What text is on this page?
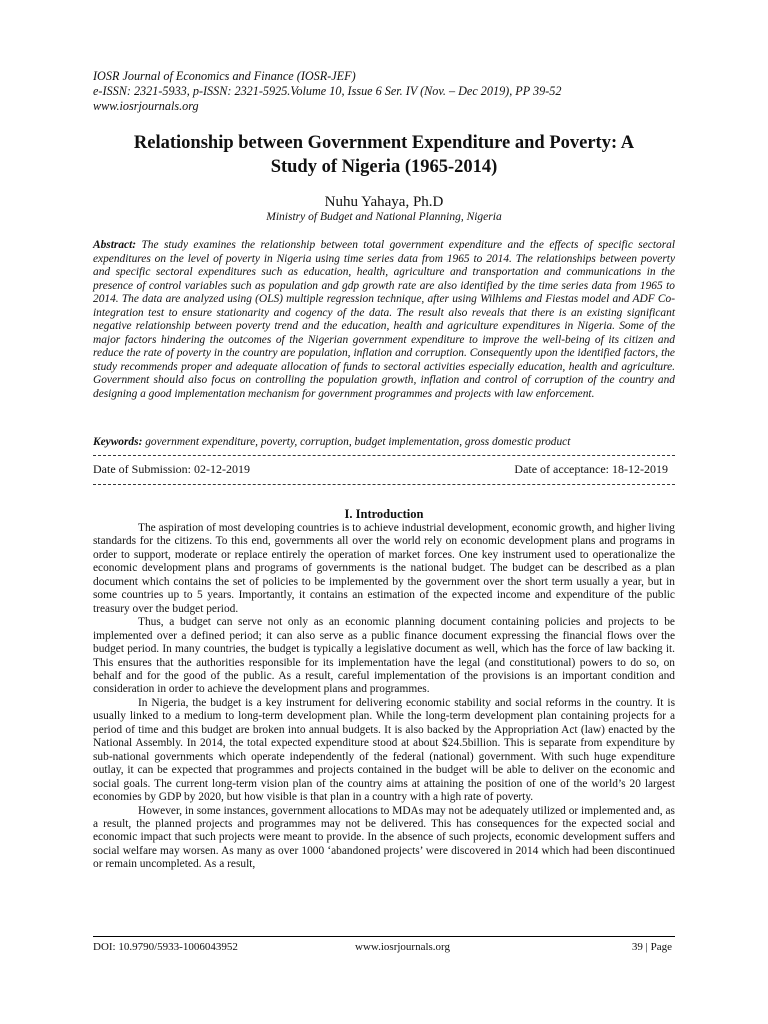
IOSR Journal of Economics and Finance (IOSR-JEF)
e-ISSN: 2321-5933, p-ISSN: 2321-5925.Volume 10, Issue 6 Ser. IV (Nov. – Dec 2019), PP 39-52
www.iosrjournals.org
Relationship between Government Expenditure and Poverty: A
Study of Nigeria (1965-2014)
Nuhu Yahaya, Ph.D
Ministry of Budget and National Planning, Nigeria
Abstract: The study examines the relationship between total government expenditure and the effects of specific sectoral expenditures on the level of poverty in Nigeria using time series data from 1965 to 2014. The relationships between poverty and specific sectoral expenditures such as education, health, agriculture and transportation and communications in the presence of control variables such as population and gdp growth rate are also identified by the time series data from 1965 to 2014. The data are analyzed using (OLS) multiple regression technique, after using Wilhlems and Fiestas model and ADF Co-integration test to ensure stationarity and cogency of the data. The result also reveals that there is an existing significant negative relationship between poverty trend and the education, health and agriculture expenditures in Nigeria. Some of the major factors hindering the outcomes of the Nigerian government expenditure to improve the well-being of its citizen and reduce the rate of poverty in the country are population, inflation and corruption. Consequently upon the identified factors, the study recommends proper and adequate allocation of funds to sectoral activities especially education, health and agriculture. Government should also focus on controlling the population growth, inflation and control of corruption of the country and designing a good implementation mechanism for government programmes and projects with law enforcement.
Keywords: government expenditure, poverty, corruption, budget implementation, gross domestic product
Date of Submission: 02-12-2019	Date of acceptance: 18-12-2019
I. Introduction

The aspiration of most developing countries is to achieve industrial development, economic growth, and higher living standards for the citizens. To this end, governments all over the world rely on economic development plans and programs in order to support, moderate or replace entirely the operation of market forces. One key instrument used to operationalize the economic development plans and programs of governments is the national budget. The budget can be described as a plan document which contains the set of policies to be implemented by the government over the short term usually a year, but in some countries up to 5 years. Importantly, it contains an estimation of the expected income and expenditure of the public treasury over the budget period.

Thus, a budget can serve not only as an economic planning document containing policies and projects to be implemented over a defined period; it can also serve as a public finance document expressing the financial flows over the budget period. In many countries, the budget is typically a legislative document as well, which has the force of law backing it. This ensures that the authorities responsible for its implementation have the legal (and constitutional) powers to do so, on behalf and for the good of the public. As a result, careful implementation of the provisions is an important condition and consideration in order to achieve the development plans and programmes.

In Nigeria, the budget is a key instrument for delivering economic stability and social reforms in the country. It is usually linked to a medium to long-term development plan. While the long-term development plan containing projects for a period of time and this budget are broken into annual budgets. It is also backed by the Appropriation Act (law) enacted by the National Assembly. In 2014, the total expected expenditure stood at about $24.5billion. This is separate from expenditure by sub-national governments which operate independently of the federal (national) government. With such huge expenditure outlay, it can be expected that programmes and projects contained in the budget will be able to deliver on the economic and social goals. The current long-term vision plan of the country aims at attaining the position of one of the world’s 20 largest economies by GDP by 2020, but how visible is that plan in a country with a high rate of poverty.

However, in some instances, government allocations to MDAs may not be adequately utilized or implemented and, as a result, the planned projects and programmes may not be delivered. This has consequences for the expected social and economic impact that such projects were meant to provide. In the absence of such projects, economic development suffers and social welfare may worsen. As many as over 1000 ‘abandoned projects’ were discovered in 2014 which had been discontinued or remain uncompleted. As a result,

DOI: 10.9790/5933-1006043952	www.iosrjournals.org	39 | Page
